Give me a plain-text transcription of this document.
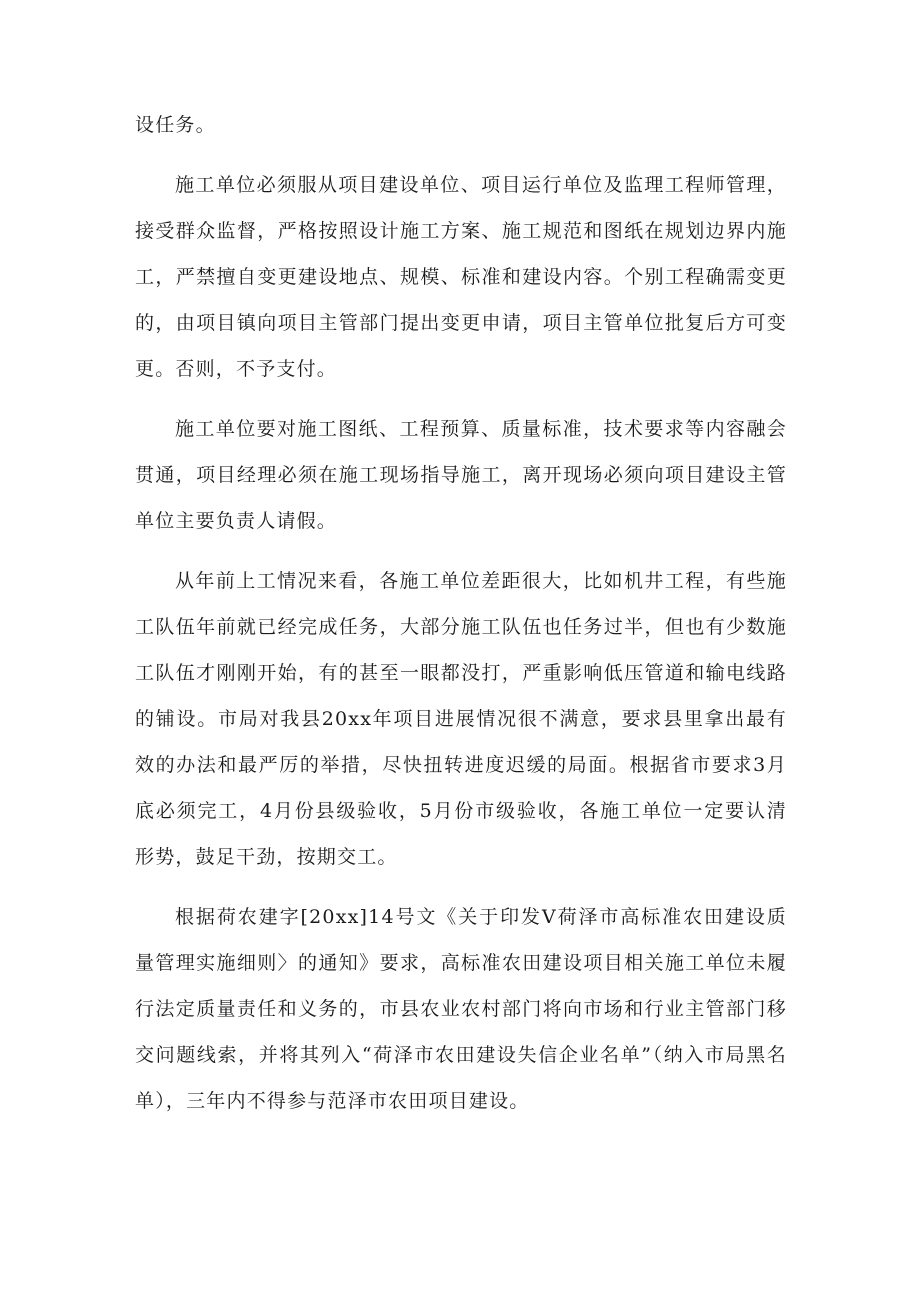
设任务。

施工单位必须服从项目建设单位、项目运行单位及监理工程师管理，接受群众监督，严格按照设计施工方案、施工规范和图纸在规划边界内施工，严禁擅自变更建设地点、规模、标准和建设内容。个别工程确需变更的，由项目镇向项目主管部门提出变更申请，项目主管单位批复后方可变更。否则，不予支付。

施工单位要对施工图纸、工程预算、质量标准，技术要求等内容融会贯通，项目经理必须在施工现场指导施工，离开现场必须向项目建设主管单位主要负责人请假。

从年前上工情况来看，各施工单位差距很大，比如机井工程，有些施工队伍年前就已经完成任务，大部分施工队伍也任务过半，但也有少数施工队伍才刚刚开始，有的甚至一眼都没打，严重影响低压管道和输电线路的铺设。市局对我县20xx年项目进展情况很不满意，要求县里拿出最有效的办法和最严厉的举措，尽快扭转进度迟缓的局面。根据省市要求3月底必须完工，4月份县级验收，5月份市级验收，各施工单位一定要认清形势，鼓足干劲，按期交工。

根据荷农建字[20xx]14号文《关于印发Ⅴ荷泽市高标准农田建设质量管理实施细则〉的通知》要求，高标准农田建设项目相关施工单位未履行法定质量责任和义务的，市县农业农村部门将向市场和行业主管部门移交问题线索，并将其列入“荷泽市农田建设失信企业名单”（纳入市局黑名单），三年内不得参与范泽市农田项目建设。
